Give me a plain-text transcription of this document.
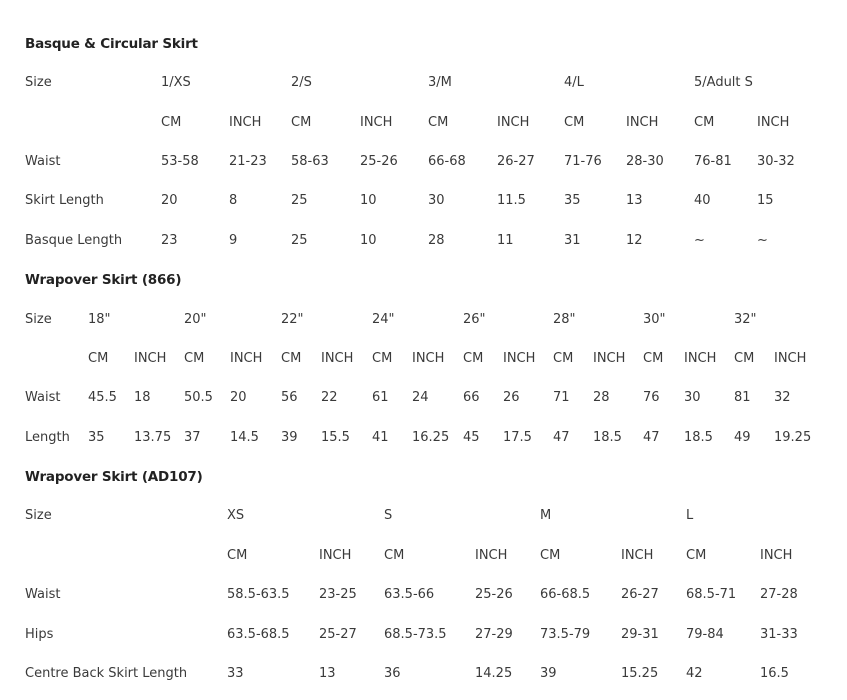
Basque & Circular Skirt
Size	1/XS	2/S	3/M	4/L	5/Adult S
CM	INCH CM	INCH	CM	INCH	CM	INCH	CM	INCH
Waist	53-58 21-23 58-63 25-26 66-68 26-27 71-76 28-30 76-81 30-32
Skirt Length	20	8	25	10	30	11.5	35	13	40	15
Basque Length	23	9	25	10	28	11	31	12	~	~
Wrapover Skirt (866)
Size	18"	20"	22"	24"	26"	28"	30"	32"
CM INCH CM INCH CM INCH CM INCH CM INCH CM INCH CM INCH CM INCH
Waist 45.5 18	50.5 20	56 22	61 24	66 26	71 28	76 30	81 32
Length 35 13.75 37 14.5 39 15.5 41 16.25 45 17.5 47 18.5 47 18.5 49 19.25
Wrapover Skirt (AD107)
Size	XS	S	M	L
CM	INCH	CM	INCH	CM	INCH	CM	INCH
Waist	58.5-63.5 23-25 63.5-66	25-26 66-68.5 26-27 68.5-71 27-28
Hips	63.5-68.5 25-27 68.5-73.5 27-29 73.5-79 29-31 79-84	31-33
Centre Back Skirt Length	33	13	36	14.25 39	15.25 42	16.5
